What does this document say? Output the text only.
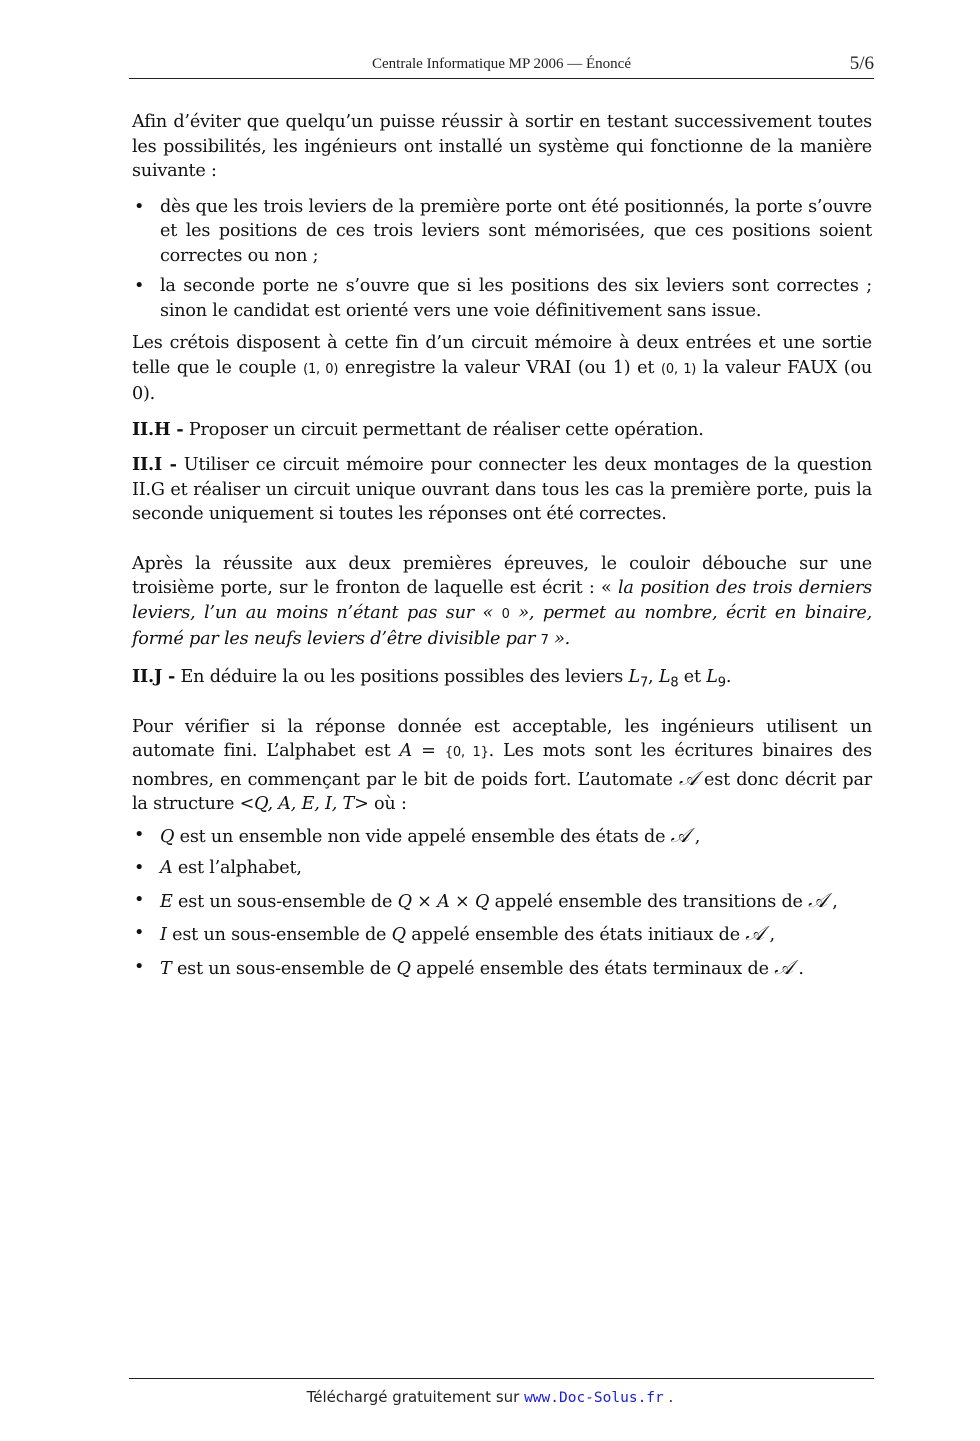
Centrale Informatique MP 2006 — Énoncé	5/6

Afin d’éviter que quelqu’un puisse réussir à sortir en testant successivement toutes les possibilités, les ingénieurs ont installé un système qui fonctionne de la manière suivante :

• dès que les trois leviers de la première porte ont été positionnés, la porte s’ouvre et les positions de ces trois leviers sont mémorisées, que ces positions soient correctes ou non ;
• la seconde porte ne s’ouvre que si les positions des six leviers sont correctes ; sinon le candidat est orienté vers une voie définitivement sans issue.

Les crétois disposent à cette fin d’un circuit mémoire à deux entrées et une sortie telle que le couple (1, 0) enregistre la valeur VRAI (ou 1) et (0, 1) la valeur FAUX (ou 0).

II.H - Proposer un circuit permettant de réaliser cette opération.

II.I - Utiliser ce circuit mémoire pour connecter les deux montages de la question II.G et réaliser un circuit unique ouvrant dans tous les cas la première porte, puis la seconde uniquement si toutes les réponses ont été correctes.

Après la réussite aux deux premières épreuves, le couloir débouche sur une troisième porte, sur le fronton de laquelle est écrit : « la position des trois derniers leviers, l’un au moins n’étant pas sur « 0 », permet au nombre, écrit en binaire, formé par les neufs leviers d’être divisible par 7 ».

II.J - En déduire la ou les positions possibles des leviers $L_7$, $L_8$ et $L_9$.

Pour vérifier si la réponse donnée est acceptable, les ingénieurs utilisent un automate fini. L’alphabet est A = {0, 1}. Les mots sont les écritures binaires des nombres, en commençant par le bit de poids fort. L’automate 𝒜 est donc décrit par la structure <Q, A, E, I, T> où :

• Q est un ensemble non vide appelé ensemble des états de 𝒜 ,
• A est l’alphabet,
• E est un sous-ensemble de Q × A × Q appelé ensemble des transitions de 𝒜 ,
• I est un sous-ensemble de Q appelé ensemble des états initiaux de 𝒜 ,
• T est un sous-ensemble de Q appelé ensemble des états terminaux de 𝒜 .
Téléchargé gratuitement sur www.Doc-Solus.fr .
